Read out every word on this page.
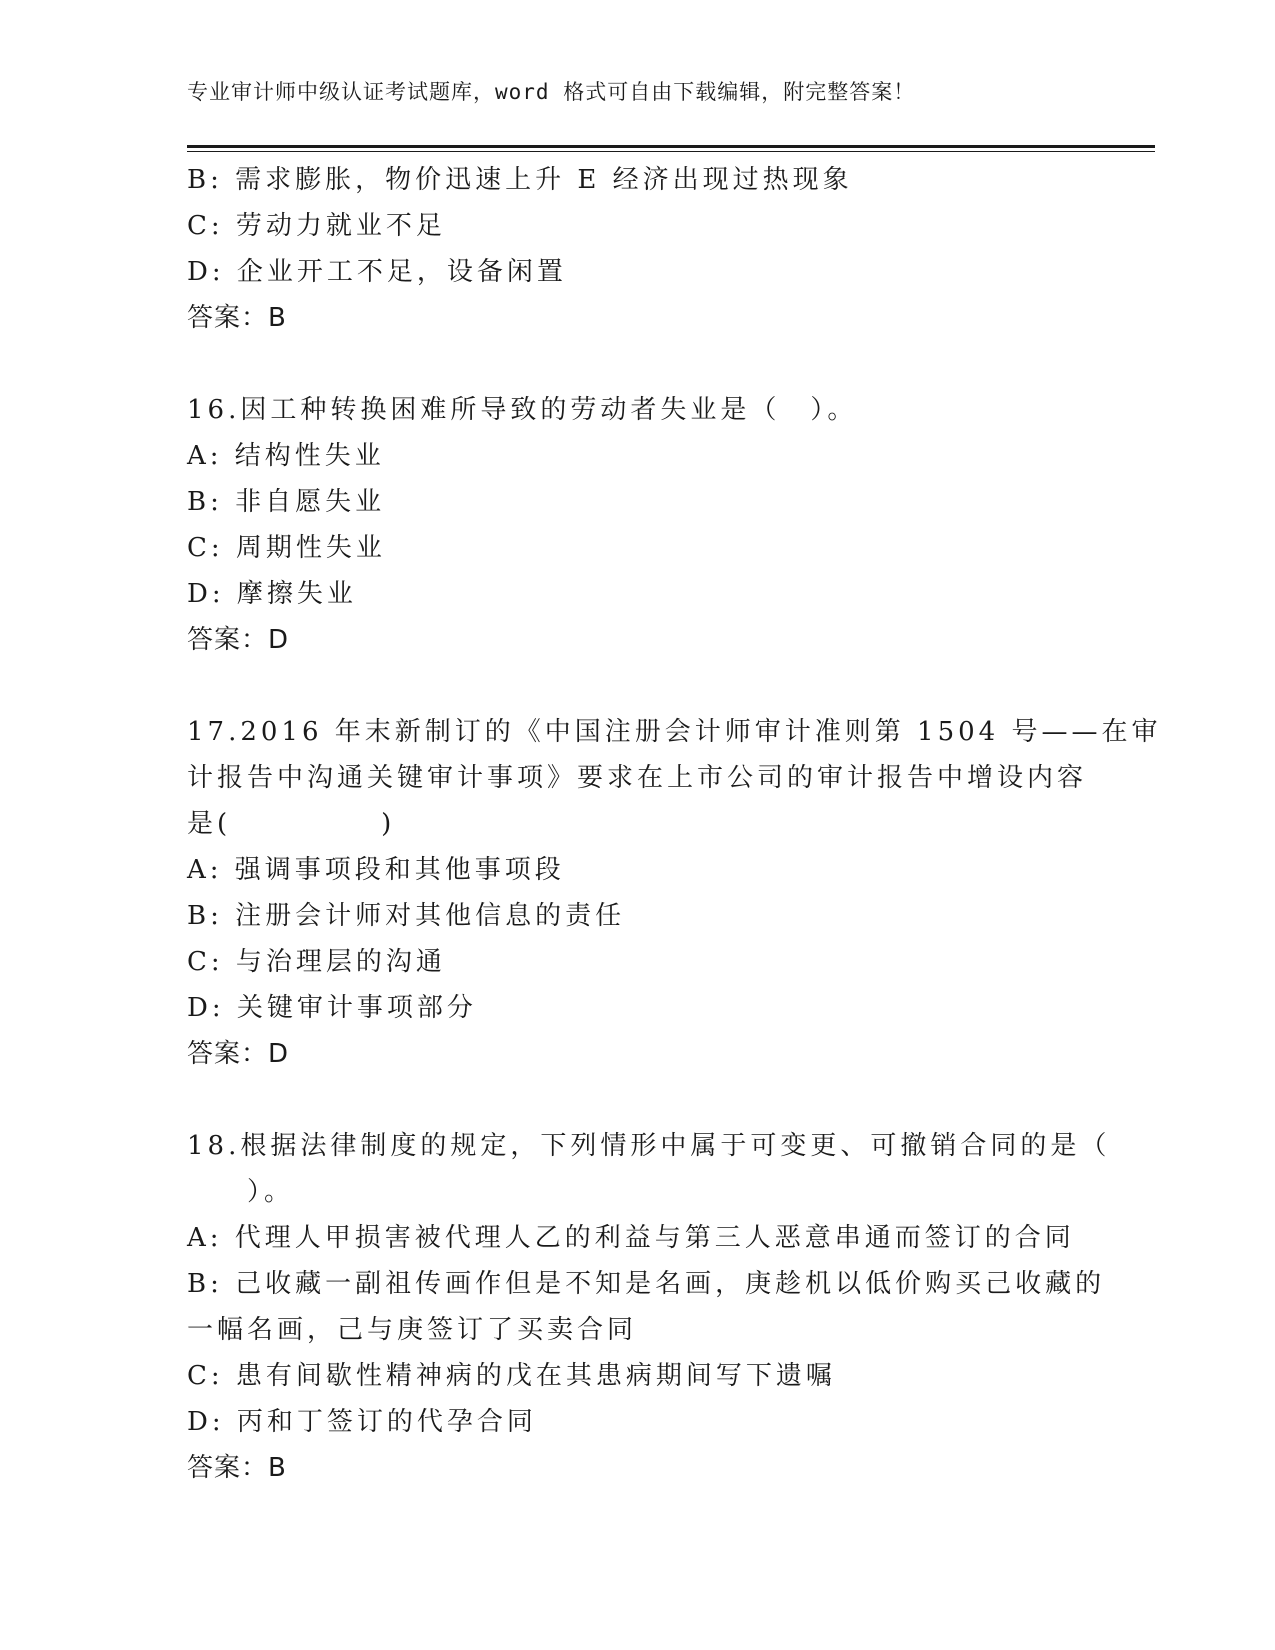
专业审计师中级认证考试题库，word 格式可自由下载编辑，附完整答案！
B: 需求膨胀，物价迅速上升 E 经济出现过热现象
C: 劳动力就业不足
D: 企业开工不足，设备闲置
答案：B
16.因工种转换困难所导致的劳动者失业是（　）。
A: 结构性失业
B: 非自愿失业
C: 周期性失业
D: 摩擦失业
答案：D
17.2016 年末新制订的《中国注册会计师审计准则第 1504 号——在审
计报告中沟通关键审计事项》要求在上市公司的审计报告中增设内容
是(　　　　　)
A: 强调事项段和其他事项段
B: 注册会计师对其他信息的责任
C: 与治理层的沟通
D: 关键审计事项部分
答案：D
18.根据法律制度的规定，下列情形中属于可变更、可撤销合同的是（
　　）。
A: 代理人甲损害被代理人乙的利益与第三人恶意串通而签订的合同
B: 己收藏一副祖传画作但是不知是名画，庚趁机以低价购买己收藏的
一幅名画，己与庚签订了买卖合同
C: 患有间歇性精神病的戊在其患病期间写下遗嘱
D: 丙和丁签订的代孕合同
答案：B
